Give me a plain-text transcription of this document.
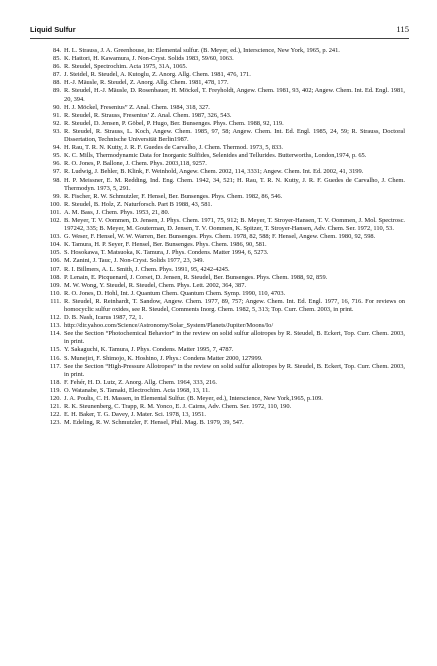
Liquid Sulfur	115
84. H. L. Strauss, J. A. Greenhouse, in: Elemental sulfur. (B. Meyer, ed.), Interscience, New York, 1965, p. 241.
85. K. Hattori, H. Kawamura, J. Non-Cryst. Solids 1983, 59/60, 1063.
86. R. Steudel, Spectrochim. Acta 1975, 31A, 1065.
87. J. Steidel, R. Steudel, A. Kutoglu, Z. Anorg. Allg. Chem. 1981, 476, 171.
88. H.-J. Mäusle, R. Steudel, Z. Anorg. Allg. Chem. 1981, 478, 177.
89. R. Steudel, H.-J. Mäusle, D. Rosenbauer, H. Möckel, T. Freyholdt, Angew. Chem. 1981, 93, 402; Angew. Chem. Int. Ed. Engl. 1981, 20, 394.
90. H. J. Möckel, Fresenius” Z. Anal. Chem. 1984, 318, 327.
91. R. Steudel, R. Strauss, Fresenius’ Z. Anal. Chem. 1987, 326, 543.
92. R. Steudel, D. Jensen, P. Göbel, P. Hugo, Ber. Bunsenges. Phys. Chem. 1988, 92, 119.
93. R. Steudel, R. Strauss, L. Koch, Angew. Chem. 1985, 97, 58; Angew. Chem. Int. Ed. Engl. 1985, 24, 59; R. Strauss, Doctoral Dissertation, Technische Universität Berlin1987.
94. H. Rau, T. R. N. Kutty, J. R. F. Guedes de Carvalho, J. Chem. Thermod. 1973, 5, 833.
95. K. C. Mills, Thermodynamic Data for Inorganic Sulfides, Selenides and Tellurides. Butterworths, London,1974, p. 65.
96. R. O. Jones, P. Ballone, J. Chem. Phys. 2003,118, 9257.
97. R. Ludwig, J. Behler, B. Klink, F. Weinhold, Angew. Chem. 2002, 114, 3331; Angew. Chem. Int. Ed. 2002, 41, 3199.
98. H. P. Meissner, E. M. Redding, Ind. Eng. Chem. 1942, 34, 521; H. Rau, T. R. N. Kutty, J. R. F. Guedes de Carvalho, J. Chem. Thermodyn. 1973, 5, 291.
99. R. Fischer, R. W. Schmutzler, F. Hensel, Ber. Bunsenges. Phys. Chem. 1982, 86, 546.
100. R. Steudel, B. Holz, Z. Naturforsch. Part B 1988, 43, 581.
101. A. M. Bass, J. Chem. Phys. 1953, 21, 80.
102. B. Meyer, T. V. Oommen, D. Jensen, J. Phys. Chem. 1971, 75, 912; B. Meyer, T. Stroyer-Hansen, T. V. Oommen, J. Mol. Spectrosc. 197242, 335; B. Meyer, M. Gouterman, D. Jensen, T. V. Oommen, K. Spitzer, T. Stroyer-Hansen, Adv. Chem. Ser. 1972, 110, 53.
103. G. Weser, F. Hensel, W. W. Warren, Ber. Bunsenges. Phys. Chem. 1978, 82, 588; F. Hensel, Angew. Chem. 1980, 92, 598.
104. K. Tamura, H. P. Seyer, F. Hensel, Ber. Bunsenges. Phys. Chem. 1986, 90, 581.
105. S. Hosokawa, T. Matsuoka, K. Tamura, J. Phys. Condens. Matter 1994, 6, 5273.
106. M. Zanini, J. Tauc, J. Non-Cryst. Solids 1977, 23, 349.
107. R. I. Billmers, A. L. Smith, J. Chem. Phys. 1991, 95, 4242-4245.
108. P. Lenain, E. Picquenard, J. Corset, D. Jensen, R. Steudel, Ber. Bunsenges. Phys. Chem. 1988, 92, 859.
109. M. W. Wong, Y. Steudel, R. Steudel, Chem. Phys. Lett. 2002, 364, 387.
110. R. O. Jones, D. Hohl, Int. J. Quantum Chem. Quantum Chem. Symp. 1990, 110, 4703.
111. R. Steudel, R. Reinhardt, T. Sandow, Angew. Chem. 1977, 89, 757; Angew. Chem. Int. Ed. Engl. 1977, 16, 716. For reviews on homocyclic sulfur oxides, see R. Steudel, Comments Inorg. Chem. 1982, 5, 313; Top. Curr. Chem. 2003, in print.
112. D. B. Nash, Icarus 1987, 72, 1.
113. http://dir.yahoo.com/Science/Astronomy/Solar_System/Planets/Jupiter/Moons/Io/
114. See the Section “Photochemical Behavior” in the review on solid sulfur allotropes by R. Steudel, B. Eckert, Top. Curr. Chem. 2003, in print.
115. Y. Sakaguchi, K. Tamura, J. Phys. Condens. Matter 1995, 7, 4787.
116. S. Munejiri, F. Shimojo, K. Hoshino, J. Phys.: Condens Matter 2000, 127999.
117. See the Section “High-Pressure Allotropes” in the review on solid sulfur allotropes by R. Steudel, B. Eckert, Top. Curr. Chem. 2003, in print.
118. F. Fehér, H. D. Lutz, Z. Anorg. Allg. Chem. 1964, 333, 216.
119. O. Watanabe, S. Tamaki, Electrochim. Acta 1968, 13, 11.
120. J. A. Poulis, C. H. Massen, in Elemental Sulfur. (B. Meyer, ed.), Interscience, New York,1965, p.109.
121. R. K. Steunenberg, C. Trapp, R. M. Yonco, E. J. Cairns, Adv. Chem. Ser. 1972, 110, 190.
122. E. H. Baker, T. G. Davey, J. Mater. Sci. 1978, 13, 1951.
123. M. Edeling, R. W. Schmutzler, F. Hensel, Phil. Mag. B. 1979, 39, 547.
